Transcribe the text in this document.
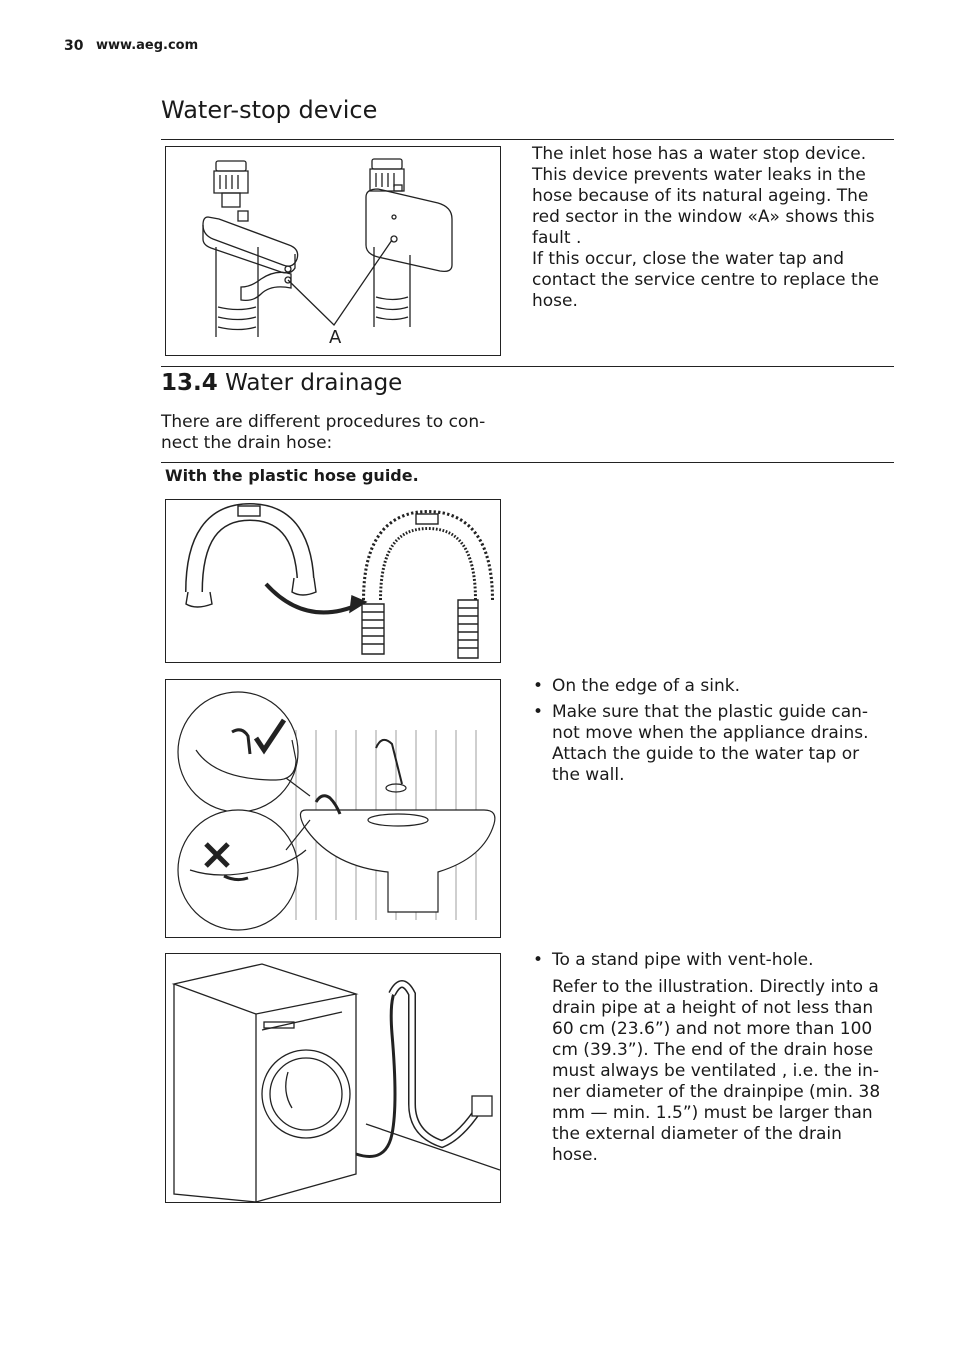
30 www.aeg.com
Water-stop device
A
The inlet hose has a water stop device. This device prevents water leaks in the hose because of its natural ageing. The red sector in the window «A» shows this fault .
If this occur, close the water tap and contact the service centre to replace the hose.
13.4 Water drainage
There are different procedures to con- nect the drain hose:
With the plastic hose guide.
• On the edge of a sink.
• Make sure that the plastic guide can- not move when the appliance drains. Attach the guide to the water tap or the wall.
• To a stand pipe with vent-hole.
Refer to the illustration. Directly into a drain pipe at a height of not less than 60 cm (23.6”) and not more than 100 cm (39.3”). The end of the drain hose must always be ventilated , i.e. the in- ner diameter of the drainpipe (min. 38 mm — min. 1.5”) must be larger than the external diameter of the drain hose.
